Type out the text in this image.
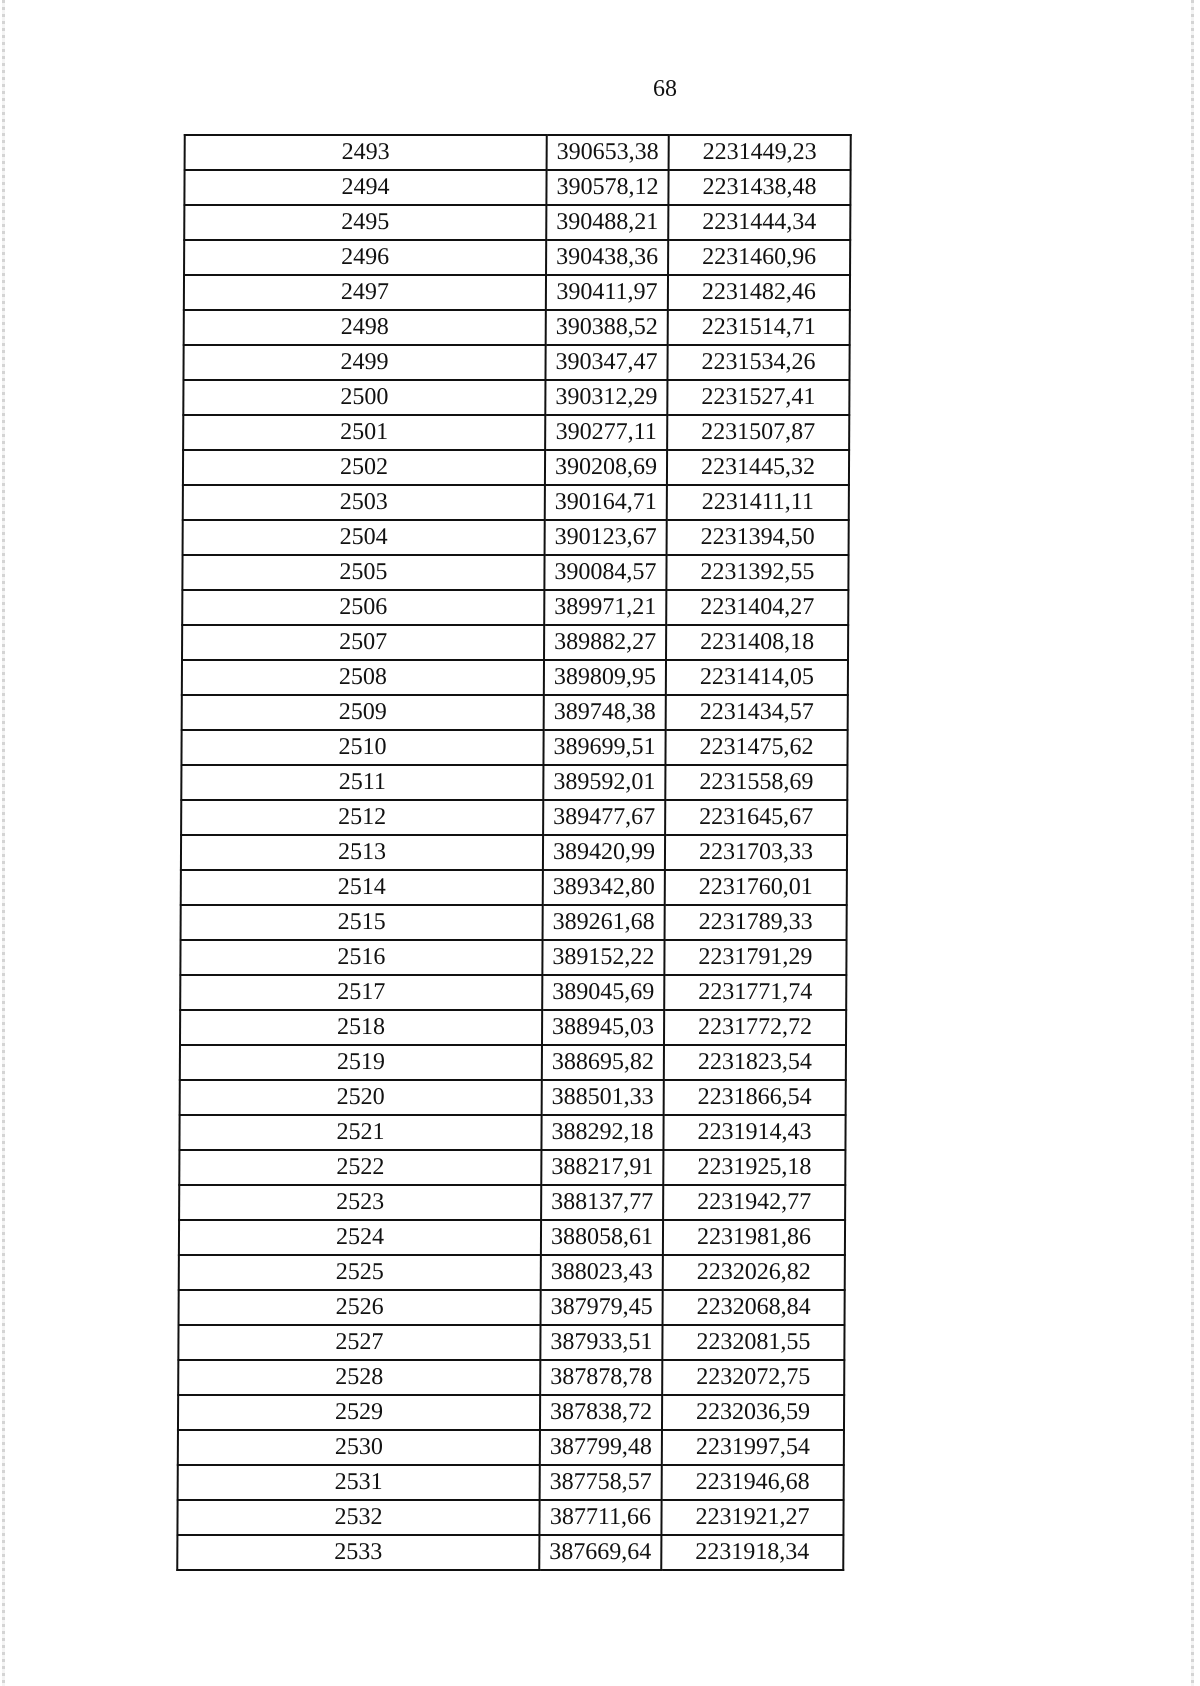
68
2493	390653,38	2231449,23
2494	390578,12	2231438,48
2495	390488,21	2231444,34
2496	390438,36	2231460,96
2497	390411,97	2231482,46
2498	390388,52	2231514,71
2499	390347,47	2231534,26
2500	390312,29	2231527,41
2501	390277,11	2231507,87
2502	390208,69	2231445,32
2503	390164,71	2231411,11
2504	390123,67	2231394,50
2505	390084,57	2231392,55
2506	389971,21	2231404,27
2507	389882,27	2231408,18
2508	389809,95	2231414,05
2509	389748,38	2231434,57
2510	389699,51	2231475,62
2511	389592,01	2231558,69
2512	389477,67	2231645,67
2513	389420,99	2231703,33
2514	389342,80	2231760,01
2515	389261,68	2231789,33
2516	389152,22	2231791,29
2517	389045,69	2231771,74
2518	388945,03	2231772,72
2519	388695,82	2231823,54
2520	388501,33	2231866,54
2521	388292,18	2231914,43
2522	388217,91	2231925,18
2523	388137,77	2231942,77
2524	388058,61	2231981,86
2525	388023,43	2232026,82
2526	387979,45	2232068,84
2527	387933,51	2232081,55
2528	387878,78	2232072,75
2529	387838,72	2232036,59
2530	387799,48	2231997,54
2531	387758,57	2231946,68
2532	387711,66	2231921,27
2533	387669,64	2231918,34
